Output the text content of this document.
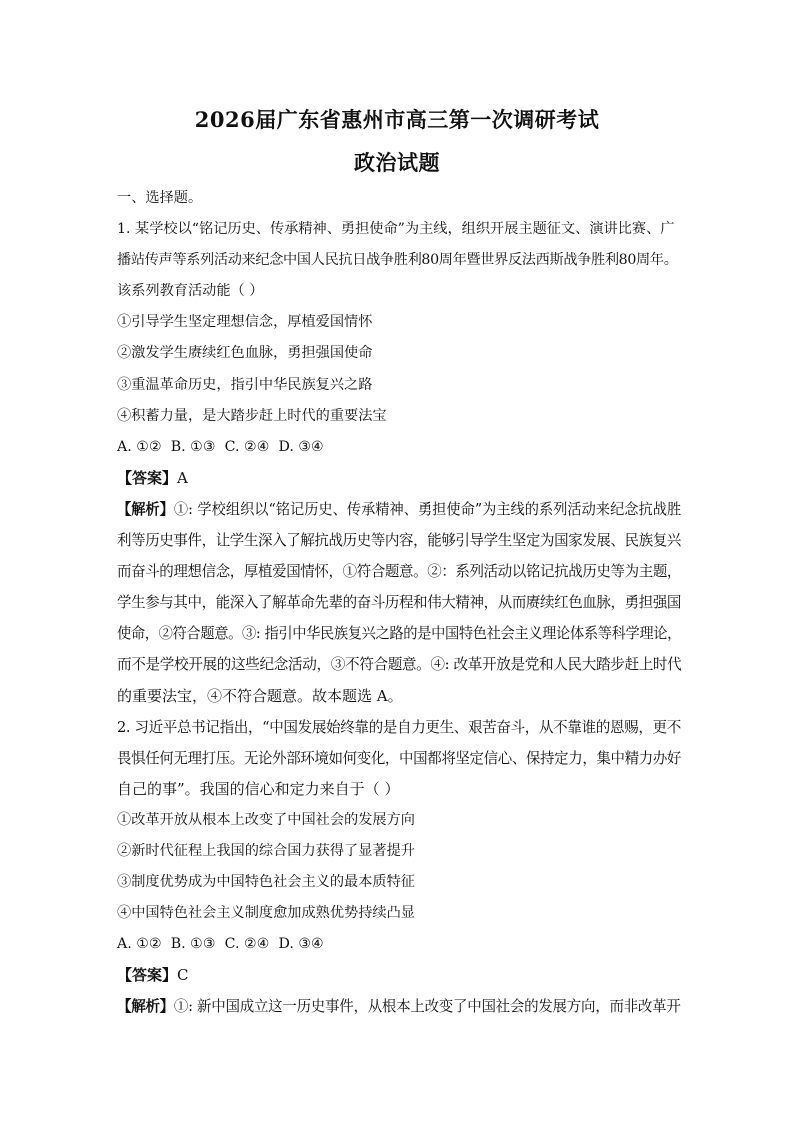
2026届广东省惠州市高三第一次调研考试
政治试题
一、选择题。
1. 某学校以“铭记历史、传承精神、勇担使命”为主线，组织开展主题征文、演讲比赛、广
播站传声等系列活动来纪念中国人民抗日战争胜利80周年暨世界反法西斯战争胜利80周年。
该系列教育活动能（ ）
①引导学生坚定理想信念，厚植爱国情怀
②激发学生赓续红色血脉，勇担强国使命
③重温革命历史，指引中华民族复兴之路
④积蓄力量，是大踏步赶上时代的重要法宝
A. ①②  B. ①③  C. ②④  D. ③④
【答案】A
【解析】①: 学校组织以“铭记历史、传承精神、勇担使命”为主线的系列活动来纪念抗战胜
利等历史事件，让学生深入了解抗战历史等内容，能够引导学生坚定为国家发展、民族复兴
而奋斗的理想信念，厚植爱国情怀，①符合题意。②：系列活动以铭记抗战历史等为主题，
学生参与其中，能深入了解革命先辈的奋斗历程和伟大精神，从而赓续红色血脉，勇担强国
使命，②符合题意。③: 指引中华民族复兴之路的是中国特色社会主义理论体系等科学理论，
而不是学校开展的这些纪念活动，③不符合题意。④: 改革开放是党和人民大踏步赶上时代
的重要法宝，④不符合题意。故本题选 A。
2. 习近平总书记指出，“中国发展始终靠的是自力更生、艰苦奋斗，从不靠谁的恩赐，更不
畏惧任何无理打压。无论外部环境如何变化，中国都将坚定信心、保持定力，集中精力办好
自己的事”。我国的信心和定力来自于（ ）
①改革开放从根本上改变了中国社会的发展方向
②新时代征程上我国的综合国力获得了显著提升
③制度优势成为中国特色社会主义的最本质特征
④中国特色社会主义制度愈加成熟优势持续凸显
A. ①②  B. ①③  C. ②④  D. ③④
【答案】C
【解析】①: 新中国成立这一历史事件，从根本上改变了中国社会的发展方向，而非改革开
